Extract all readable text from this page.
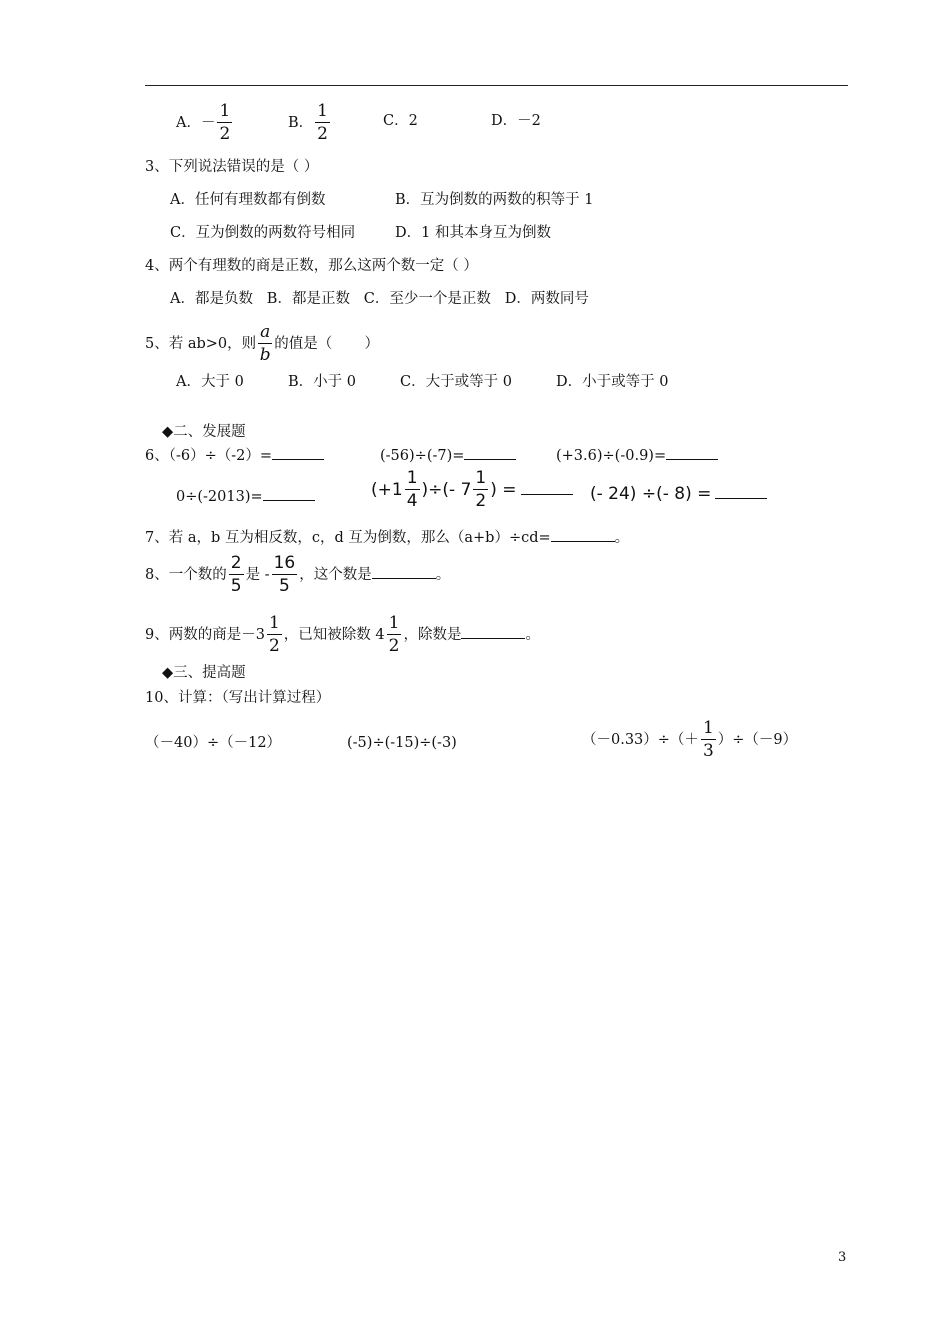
A．－ $\frac{1}{2}$	B． $\frac{1}{2}$	C．2	D．－2
3、下列说法错误的是（ ）
A．任何有理数都有倒数	B．互为倒数的两数的积等于 1
C．互为倒数的两数符号相同	D．1 和其本身互为倒数
4、两个有理数的商是正数，那么这两个数一定（ ）
A．都是负数   B．都是正数   C．至少一个是正数   D．两数同号
5、若 ab>0，则 $\frac{a}{b}$ 的值是（       ）
A．大于 0	B．小于 0	C．大于或等于 0	D．小于或等于 0
◆二、发展题
6、（-6）÷（-2）=	(-56)÷(-7)=	(+3.6)÷(-0.9)=
0÷(-2013)=	($+1 \frac{1}{4}$ )÷(- $7 \frac{1}{2}$ ) =	(- 24) ÷(- 8) =
7、若 a，b 互为相反数，c，d 互为倒数，那么（a+b）÷cd=	。
8、一个数的 $\frac{2}{5}$ 是 - $\frac{16}{5}$ ，这个数是	。
9、两数的商是$-3 \frac{1}{2}$ ，已知被除数 $4 \frac{1}{2}$ ，除数是	。
◆三、提高题
10、计算：（写出计算过程）
（－40）÷（－12）	(-5)÷(-15)÷(-3)	$(-0.33)\div(+ \frac{1}{3} )\div(-9)$
3
